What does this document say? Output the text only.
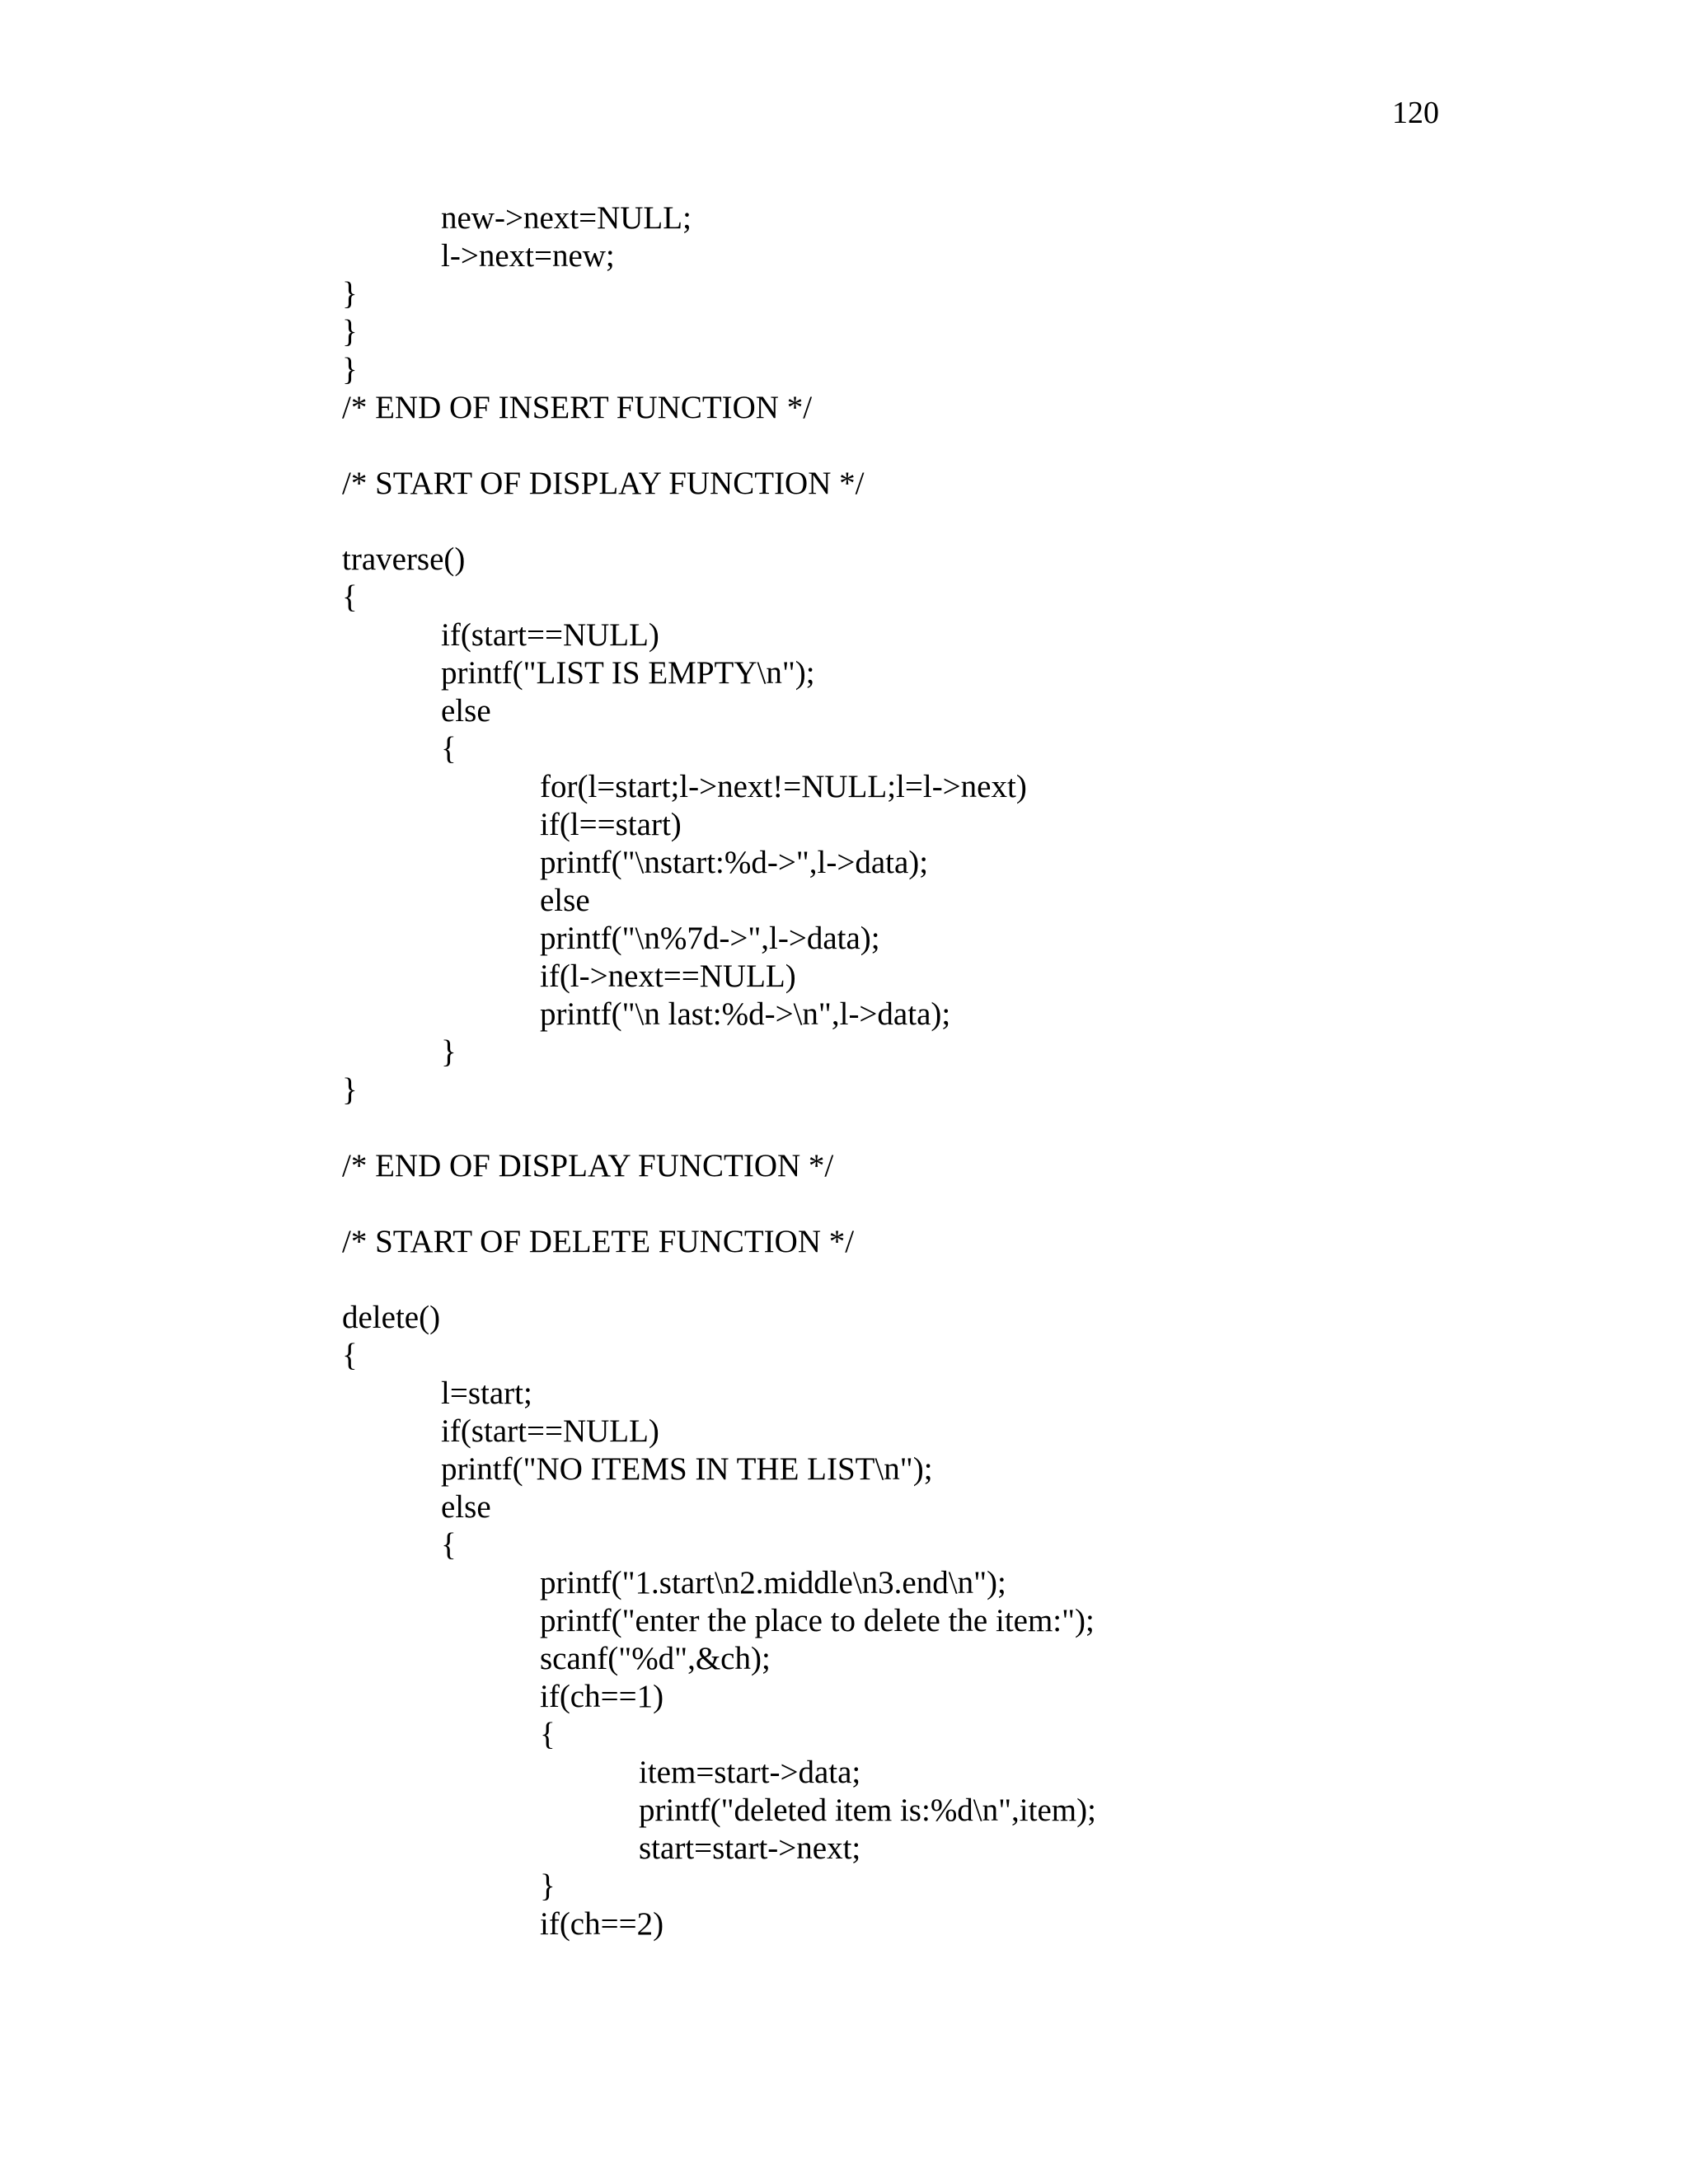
120
new->next=NULL;
l->next=new;
}
}
}
/* END OF INSERT FUNCTION */
/* START OF DISPLAY FUNCTION */
traverse()
{
if(start==NULL)
printf("LIST IS EMPTY\n");
else
{
for(l=start;l->next!=NULL;l=l->next)
if(l==start)
printf("\nstart:%d->",l->data);
else
printf("\n%7d->",l->data);
if(l->next==NULL)
printf("\n last:%d->\n",l->data);
}
}
/* END OF DISPLAY FUNCTION */
/* START OF DELETE FUNCTION */
delete()
{
l=start;
if(start==NULL)
printf("NO ITEMS IN THE LIST\n");
else
{
printf("1.start\n2.middle\n3.end\n");
printf("enter the place to delete the item:");
scanf("%d",&ch);
if(ch==1)
{
item=start->data;
printf("deleted item is:%d\n",item);
start=start->next;
}
if(ch==2)
